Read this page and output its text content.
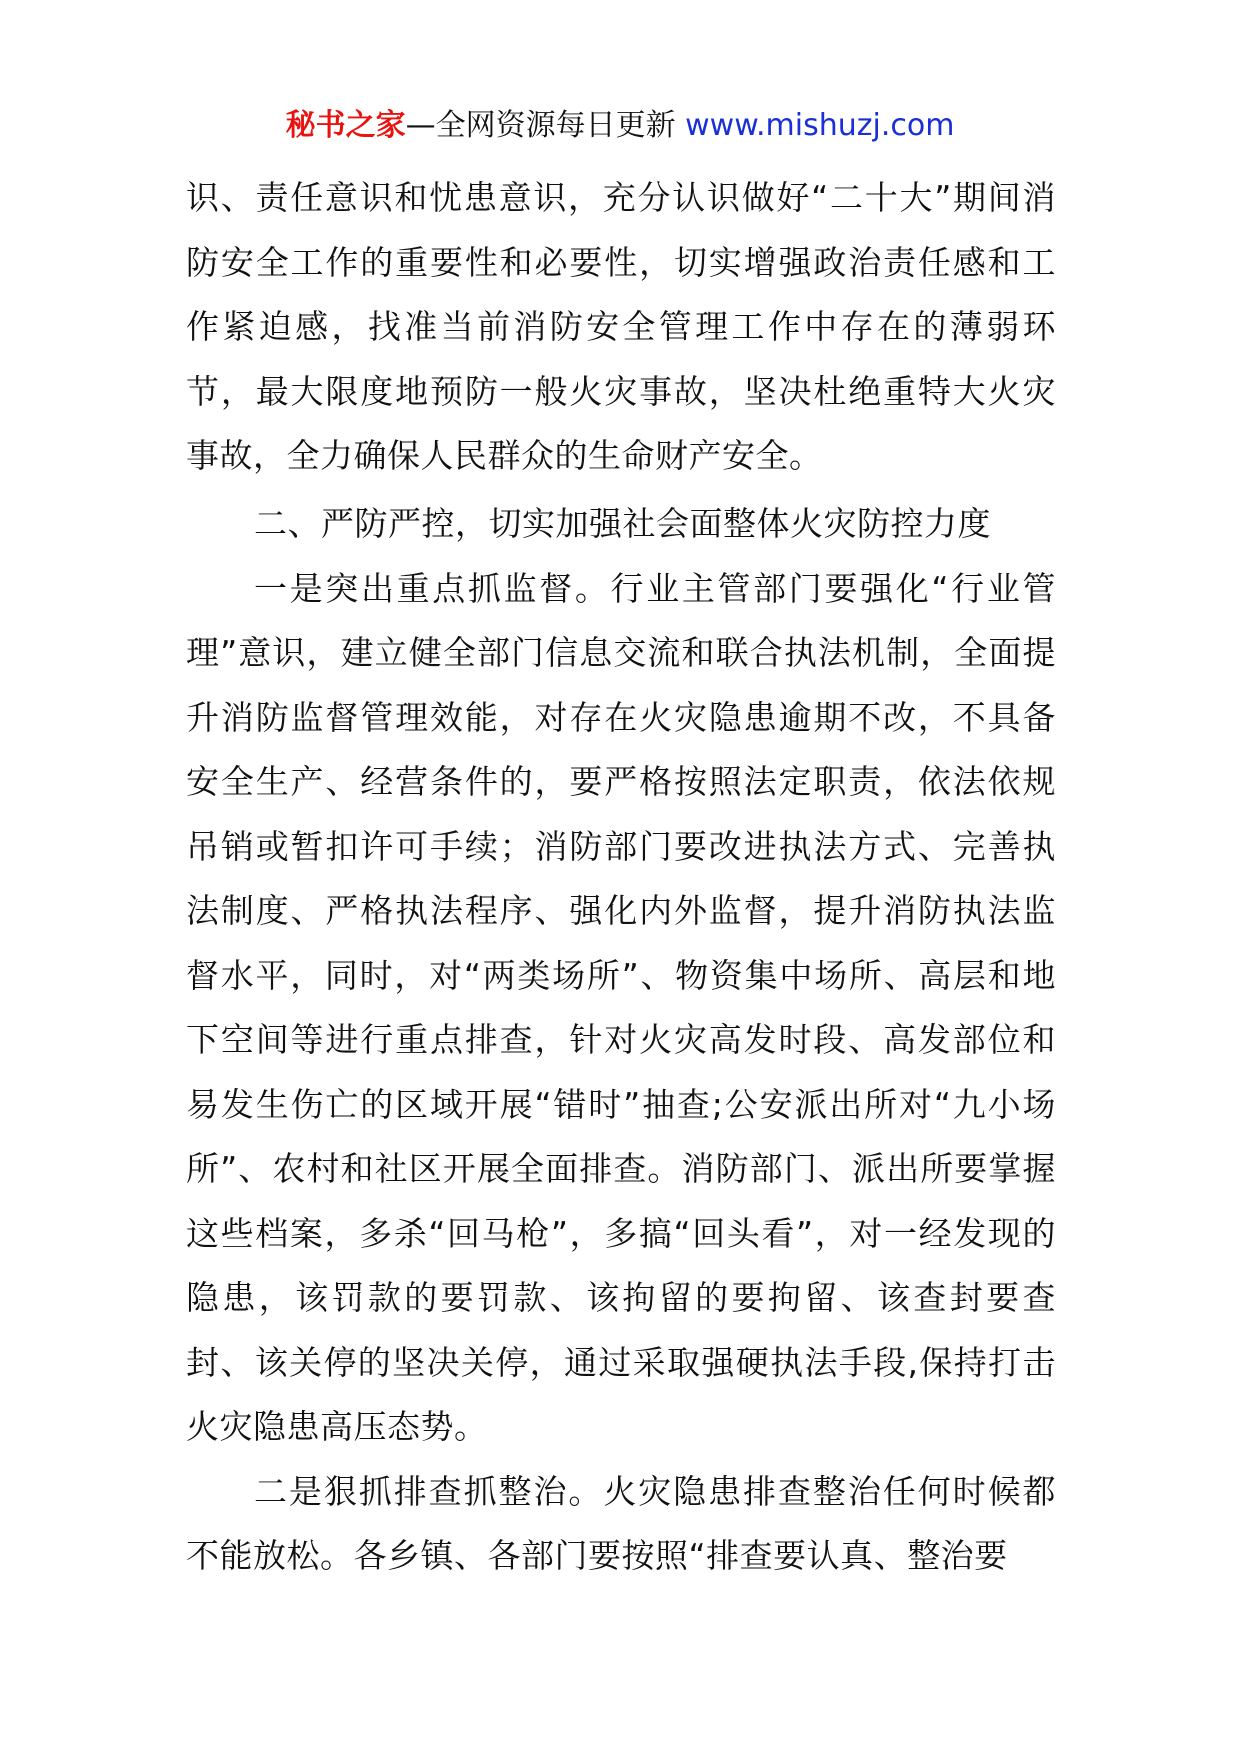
秘书之家—全网资源每日更新 www.mishuzj.com

识、责任意识和忧患意识，充分认识做好“二十大”期间消防安全工作的重要性和必要性，切实增强政治责任感和工作紧迫感，找准当前消防安全管理工作中存在的薄弱环节，最大限度地预防一般火灾事故，坚决杜绝重特大火灾事故，全力确保人民群众的生命财产安全。

二、严防严控，切实加强社会面整体火灾防控力度

一是突出重点抓监督。行业主管部门要强化“行业管理”意识，建立健全部门信息交流和联合执法机制，全面提升消防监督管理效能，对存在火灾隐患逾期不改，不具备安全生产、经营条件的，要严格按照法定职责，依法依规吊销或暂扣许可手续；消防部门要改进执法方式、完善执法制度、严格执法程序、强化内外监督，提升消防执法监督水平，同时，对“两类场所”、物资集中场所、高层和地下空间等进行重点排查，针对火灾高发时段、高发部位和易发生伤亡的区域开展“错时”抽查;公安派出所对“九小场所”、农村和社区开展全面排查。消防部门、派出所要掌握这些档案，多杀“回马枪”，多搞“回头看”，对一经发现的隐患，该罚款的要罚款、该拘留的要拘留、该查封要查封、该关停的坚决关停，通过采取强硬执法手段,保持打击火灾隐患高压态势。

二是狠抓排查抓整治。火灾隐患排查整治任何时候都不能放松。各乡镇、各部门要按照“排查要认真、整治要
